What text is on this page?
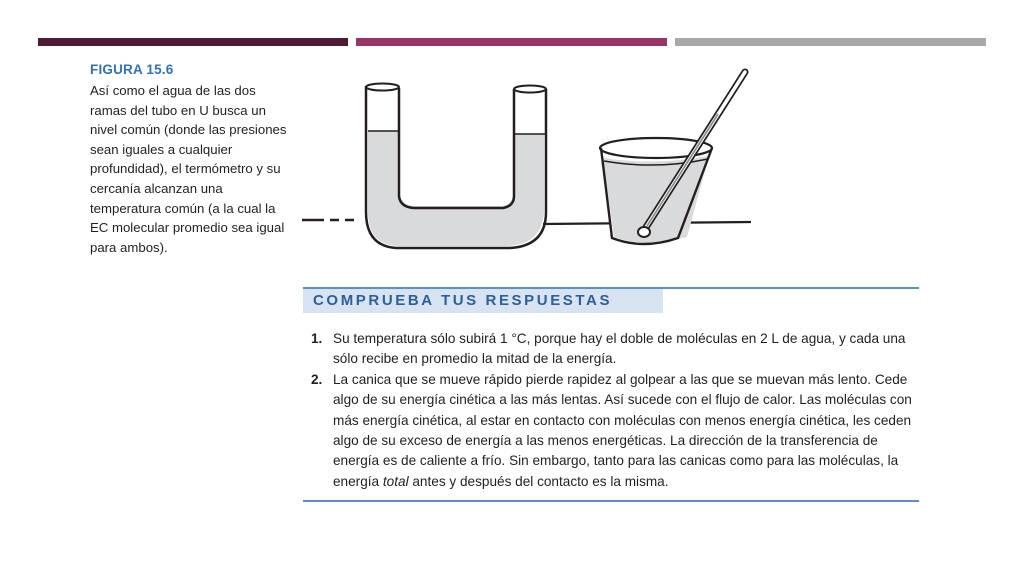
FIGURA 15.6
Así como el agua de las dos ramas del tubo en U busca un nivel común (donde las presiones sean iguales a cualquier profundidad), el termómetro y su cercanía alcanzan una temperatura común (a la cual la EC molecular promedio sea igual para ambos).
COMPRUEBA TUS RESPUESTAS
1. Su temperatura sólo subirá 1 °C, porque hay el doble de moléculas en 2 L de agua, y cada una sólo recibe en promedio la mitad de la energía.
2. La canica que se mueve rápido pierde rapidez al golpear a las que se muevan más lento. Cede algo de su energía cinética a las más lentas. Así sucede con el flujo de calor. Las moléculas con más energía cinética, al estar en contacto con moléculas con menos energía cinética, les ceden algo de su exceso de energía a las menos energéticas. La dirección de la transferencia de energía es de caliente a frío. Sin embargo, tanto para las canicas como para las moléculas, la energía total antes y después del contacto es la misma.
